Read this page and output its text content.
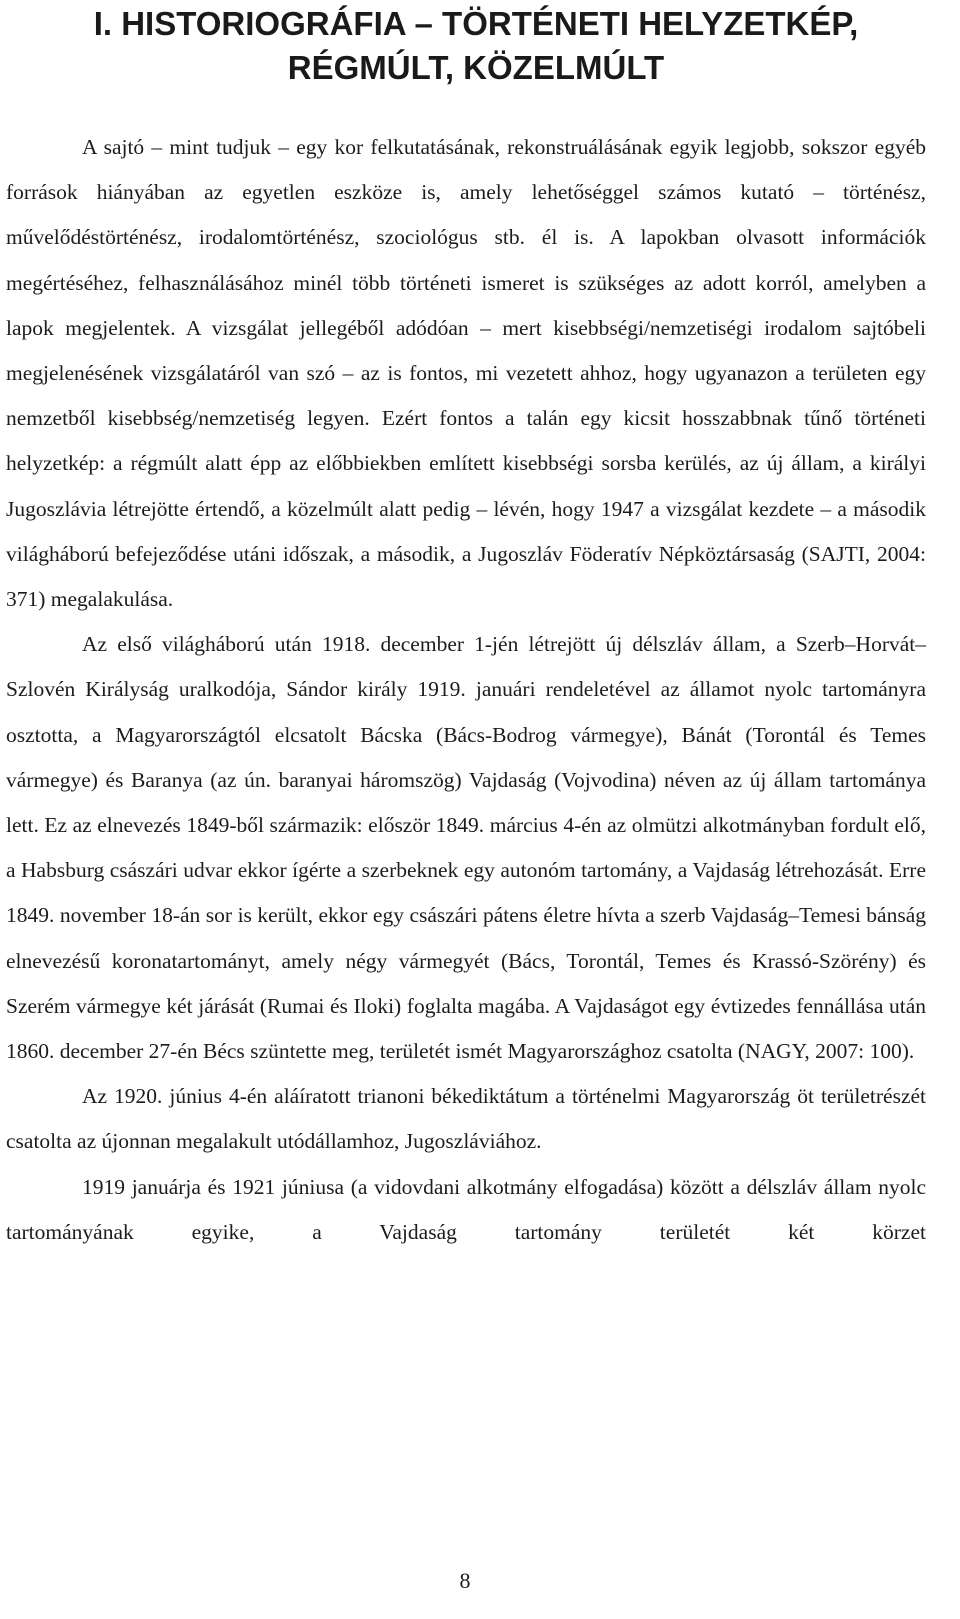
I. HISTORIOGRÁFIA – TÖRTÉNETI HELYZETKÉP,
RÉGMÚLT, KÖZELMÚLT

A sajtó – mint tudjuk – egy kor felkutatásának, rekonstruálásának egyik legjobb, sokszor egyéb források hiányában az egyetlen eszköze is, amely lehetőséggel számos kutató – történész, művelődéstörténész, irodalomtörténész, szociológus stb. él is. A lapokban olvasott információk megértéséhez, felhasználásához minél több történeti ismeret is szükséges az adott korról, amelyben a lapok megjelentek. A vizsgálat jellegéből adódóan – mert kisebbségi/nemzetiségi irodalom sajtóbeli megjelenésének vizsgálatáról van szó – az is fontos, mi vezetett ahhoz, hogy ugyanazon a területen egy nemzetből kisebbség/nemzetiség legyen. Ezért fontos a talán egy kicsit hosszabbnak tűnő történeti helyzetkép: a régmúlt alatt épp az előbbiekben említett kisebbségi sorsba kerülés, az új állam, a királyi Jugoszlávia létrejötte értendő, a közelmúlt alatt pedig – lévén, hogy 1947 a vizsgálat kezdete – a második világháború befejeződése utáni időszak, a második, a Jugoszláv Föderatív Népköztársaság (SAJTI, 2004: 371) megalakulása.

Az első világháború után 1918. december 1-jén létrejött új délszláv állam, a Szerb–Horvát–Szlovén Királyság uralkodója, Sándor király 1919. januári rendeletével az államot nyolc tartományra osztotta, a Magyarországtól elcsatolt Bácska (Bács-Bodrog vármegye), Bánát (Torontál és Temes vármegye) és Baranya (az ún. baranyai háromszög) Vajdaság (Vojvodina) néven az új állam tartománya lett. Ez az elnevezés 1849-ből származik: először 1849. március 4-én az olmützi alkotmányban fordult elő, a Habsburg császári udvar ekkor ígérte a szerbeknek egy autonóm tartomány, a Vajdaság létrehozását. Erre 1849. november 18-án sor is került, ekkor egy császári pátens életre hívta a szerb Vajdaság–Temesi bánság elnevezésű koronatartományt, amely négy vármegyét (Bács, Torontál, Temes és Krassó-Szörény) és Szerém vármegye két járását (Rumai és Iloki) foglalta magába. A Vajdaságot egy évtizedes fennállása után 1860. december 27-én Bécs szüntette meg, területét ismét Magyarországhoz csatolta (NAGY, 2007: 100).

Az 1920. június 4-én aláíratott trianoni békediktátum a történelmi Magyarország öt területrészét csatolta az újonnan megalakult utódállamhoz, Jugoszláviához.

1919 januárja és 1921 júniusa (a vidovdani alkotmány elfogadása) között a délszláv állam nyolc tartományának egyike, a Vajdaság tartomány területét két körzet

8
